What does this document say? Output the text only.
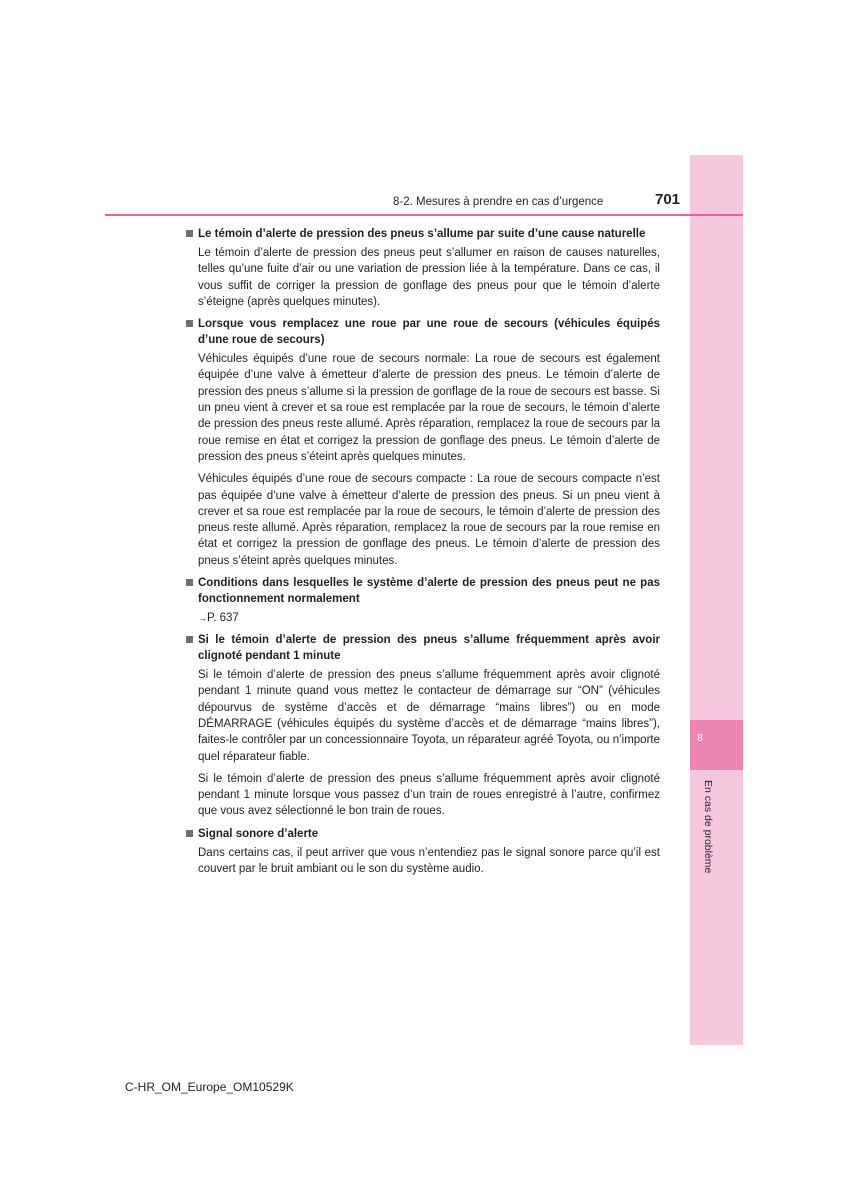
8
En cas de problème
8-2. Mesures à prendre en cas d’urgence	701
Le témoin d’alerte de pression des pneus s’allume par suite d’une cause naturelle

Le témoin d’alerte de pression des pneus peut s’allumer en raison de causes naturelles, telles qu’une fuite d’air ou une variation de pression liée à la température. Dans ce cas, il vous suffit de corriger la pression de gonflage des pneus pour que le témoin d’alerte s’éteigne (après quelques minutes).

Lorsque vous remplacez une roue par une roue de secours (véhicules équipés d’une roue de secours)

Véhicules équipés d’une roue de secours normale: La roue de secours est également équipée d’une valve à émetteur d’alerte de pression des pneus. Le témoin d’alerte de pression des pneus s’allume si la pression de gonflage de la roue de secours est basse. Si un pneu vient à crever et sa roue est remplacée par la roue de secours, le témoin d’alerte de pression des pneus reste allumé. Après réparation, remplacez la roue de secours par la roue remise en état et corrigez la pression de gonflage des pneus. Le témoin d’alerte de pression des pneus s’éteint après quelques minutes.

Véhicules équipés d’une roue de secours compacte : La roue de secours compacte n’est pas équipée d’une valve à émetteur d’alerte de pression des pneus. Si un pneu vient à crever et sa roue est remplacée par la roue de secours, le témoin d’alerte de pression des pneus reste allumé. Après réparation, remplacez la roue de secours par la roue remise en état et corrigez la pression de gonflage des pneus. Le témoin d’alerte de pression des pneus s’éteint après quelques minutes.

Conditions dans lesquelles le système d’alerte de pression des pneus peut ne pas fonctionnement normalement
→P. 637
Si le témoin d’alerte de pression des pneus s’allume fréquemment après avoir clignoté pendant 1 minute

Si le témoin d’alerte de pression des pneus s’allume fréquemment après avoir clignoté pendant 1 minute quand vous mettez le contacteur de démarrage sur “ON” (véhicules dépourvus de système d’accès et de démarrage “mains libres”) ou en mode DÉMARRAGE (véhicules équipés du système d’accès et de démarrage “mains libres”), faites-le contrôler par un concessionnaire Toyota, un réparateur agréé Toyota, ou n’importe quel réparateur fiable.

Si le témoin d’alerte de pression des pneus s’allume fréquemment après avoir clignoté pendant 1 minute lorsque vous passez d’un train de roues enregistré à l’autre, confirmez que vous avez sélectionné le bon train de roues.

Signal sonore d’alerte

Dans certains cas, il peut arriver que vous n’entendiez pas le signal sonore parce qu’il est couvert par le bruit ambiant ou le son du système audio.

C-HR_OM_Europe_OM10529K
